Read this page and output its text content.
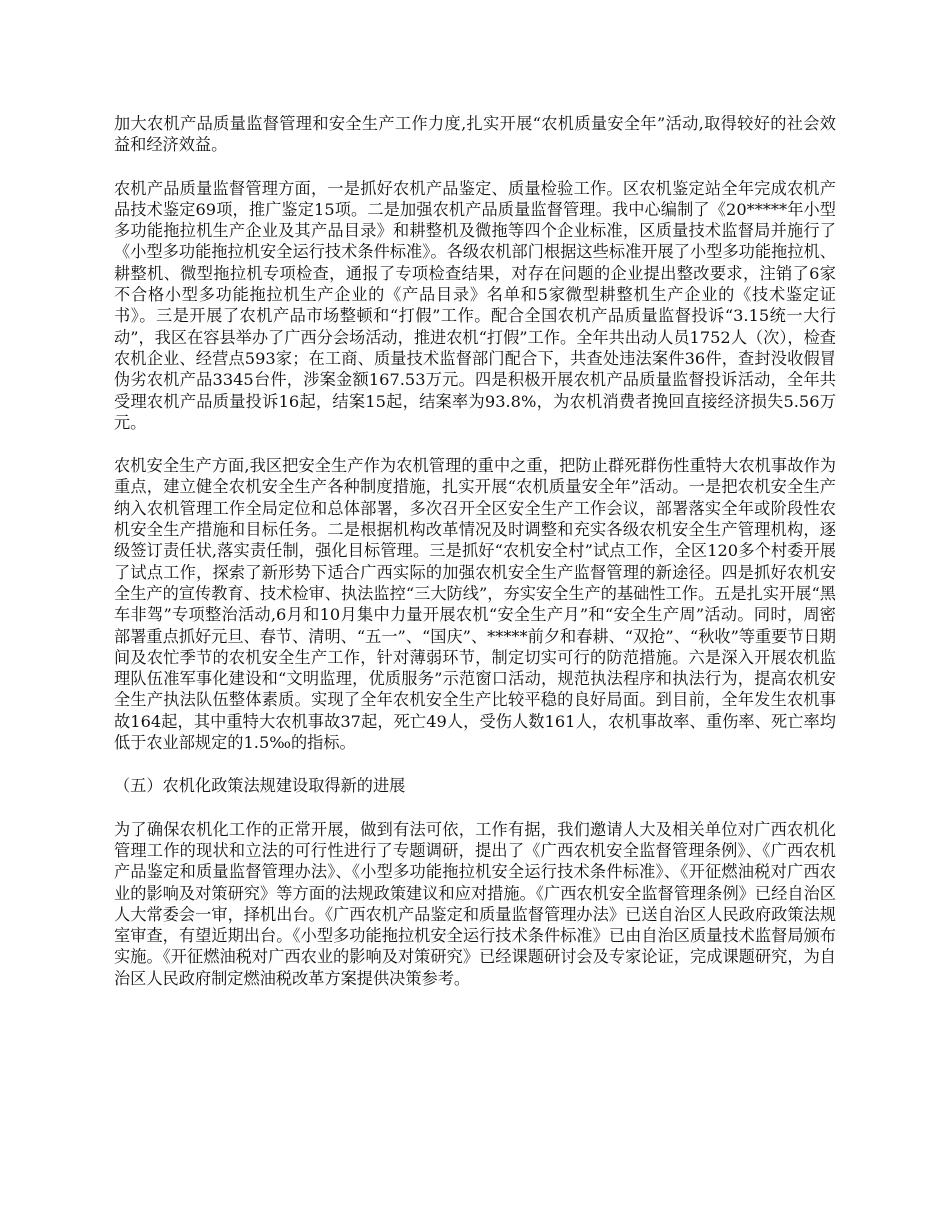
加大农机产品质量监督管理和安全生产工作力度,扎实开展“农机质量安全年”活动,取得较好的社会效益和经济效益。

农机产品质量监督管理方面，一是抓好农机产品鉴定、质量检验工作。区农机鉴定站全年完成农机产品技术鉴定69项，推广鉴定15项。二是加强农机产品质量监督管理。我中心编制了《20*****年小型多功能拖拉机生产企业及其产品目录》和耕整机及微拖等四个企业标准，区质量技术监督局并施行了《小型多功能拖拉机安全运行技术条件标准》。各级农机部门根据这些标准开展了小型多功能拖拉机、耕整机、微型拖拉机专项检查，通报了专项检查结果，对存在问题的企业提出整改要求，注销了6家不合格小型多功能拖拉机生产企业的《产品目录》名单和5家微型耕整机生产企业的《技术鉴定证书》。三是开展了农机产品市场整顿和“打假”工作。配合全国农机产品质量监督投诉“3.15统一大行动”，我区在容县举办了广西分会场活动，推进农机“打假”工作。全年共出动人员1752人（次），检查农机企业、经营点593家；在工商、质量技术监督部门配合下，共查处违法案件36件，查封没收假冒伪劣农机产品3345台件，涉案金额167.53万元。四是积极开展农机产品质量监督投诉活动，全年共受理农机产品质量投诉16起，结案15起，结案率为93.8%，为农机消费者挽回直接经济损失5.56万元。

农机安全生产方面,我区把安全生产作为农机管理的重中之重，把防止群死群伤性重特大农机事故作为重点，建立健全农机安全生产各种制度措施，扎实开展“农机质量安全年”活动。一是把农机安全生产纳入农机管理工作全局定位和总体部署，多次召开全区安全生产工作会议，部署落实全年或阶段性农机安全生产措施和目标任务。二是根据机构改革情况及时调整和充实各级农机安全生产管理机构，逐级签订责任状,落实责任制，强化目标管理。三是抓好“农机安全村”试点工作，全区120多个村委开展了试点工作，探索了新形势下适合广西实际的加强农机安全生产监督管理的新途径。四是抓好农机安全生产的宣传教育、技术检审、执法监控“三大防线”，夯实安全生产的基础性工作。五是扎实开展“黑车非驾”专项整治活动,6月和10月集中力量开展农机“安全生产月”和“安全生产周”活动。同时，周密部署重点抓好元旦、春节、清明、“五一”、“国庆”、*****前夕和春耕、“双抢”、“秋收”等重要节日期间及农忙季节的农机安全生产工作，针对薄弱环节，制定切实可行的防范措施。六是深入开展农机监理队伍准军事化建设和“文明监理，优质服务”示范窗口活动，规范执法程序和执法行为，提高农机安全生产执法队伍整体素质。实现了全年农机安全生产比较平稳的良好局面。到目前，全年发生农机事故164起，其中重特大农机事故37起，死亡49人，受伤人数161人，农机事故率、重伤率、死亡率均低于农业部规定的1.5‰的指标。

（五）农机化政策法规建设取得新的进展

为了确保农机化工作的正常开展，做到有法可依，工作有据，我们邀请人大及相关单位对广西农机化管理工作的现状和立法的可行性进行了专题调研，提出了《广西农机安全监督管理条例》、《广西农机产品鉴定和质量监督管理办法》、《小型多功能拖拉机安全运行技术条件标准》、《开征燃油税对广西农业的影响及对策研究》等方面的法规政策建议和应对措施。《广西农机安全监督管理条例》已经自治区人大常委会一审，择机出台。《广西农机产品鉴定和质量监督管理办法》已送自治区人民政府政策法规室审查，有望近期出台。《小型多功能拖拉机安全运行技术条件标准》已由自治区质量技术监督局颁布实施。《开征燃油税对广西农业的影响及对策研究》已经课题研讨会及专家论证，完成课题研究，为自治区人民政府制定燃油税改革方案提供决策参考。
